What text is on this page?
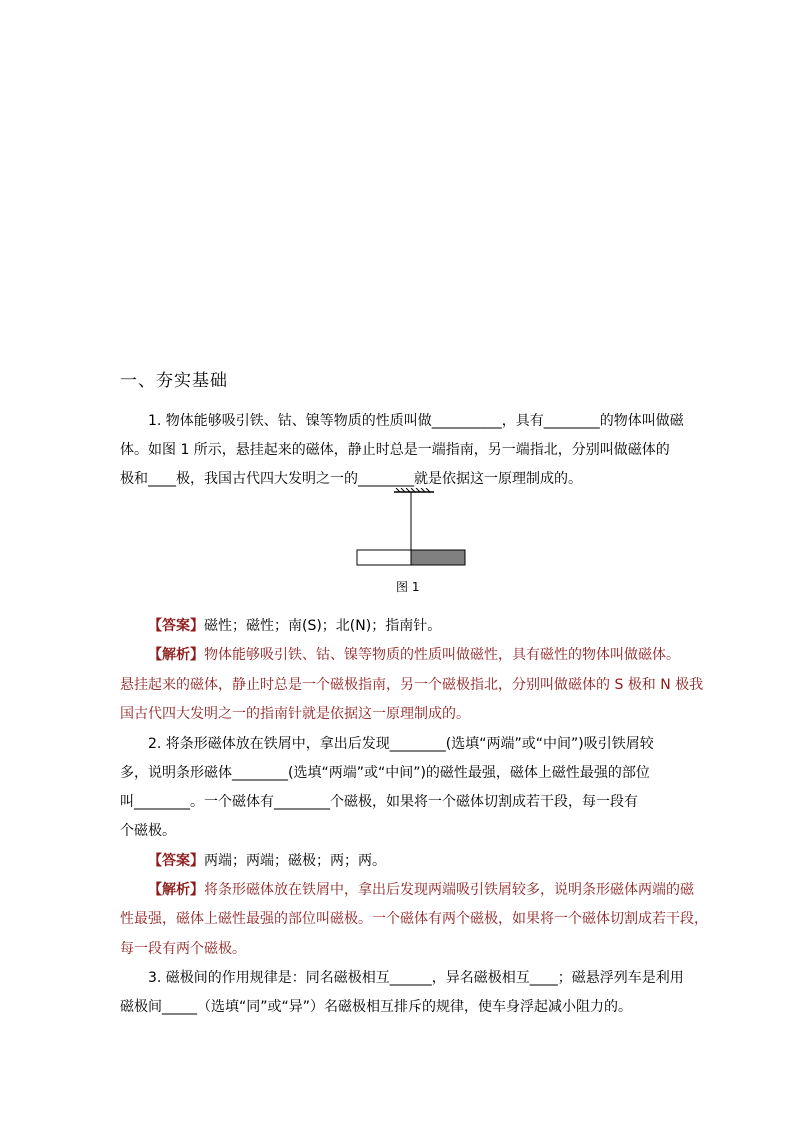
一、夯实基础
1. 物体能够吸引铁、钴、镍等物质的性质叫做__________，具有________的物体叫做磁
体。如图 1 所示，悬挂起来的磁体，静止时总是一端指南，另一端指北，分别叫做磁体的
极和____极，我国古代四大发明之一的________就是依据这一原理制成的。
图 1
【答案】磁性；磁性；南(S)；北(N)；指南针。
【解析】物体能够吸引铁、钴、镍等物质的性质叫做磁性，具有磁性的物体叫做磁体。
悬挂起来的磁体，静止时总是一个磁极指南，另一个磁极指北，分别叫做磁体的 S 极和 N 极我
国古代四大发明之一的指南针就是依据这一原理制成的。
2. 将条形磁体放在铁屑中，拿出后发现________(选填“两端”或“中间”)吸引铁屑较
多，说明条形磁体________(选填“两端”或“中间”)的磁性最强，磁体上磁性最强的部位
叫________。一个磁体有________个磁极，如果将一个磁体切割成若干段，每一段有
个磁极。
【答案】两端；两端；磁极；两；两。
【解析】将条形磁体放在铁屑中，拿出后发现两端吸引铁屑较多，说明条形磁体两端的磁
性最强，磁体上磁性最强的部位叫磁极。一个磁体有两个磁极，如果将一个磁体切割成若干段，
每一段有两个磁极。
3. 磁极间的作用规律是：同名磁极相互______，异名磁极相互____；磁悬浮列车是利用
磁极间_____（选填“同”或“异”）名磁极相互排斥的规律，使车身浮起减小阻力的。
